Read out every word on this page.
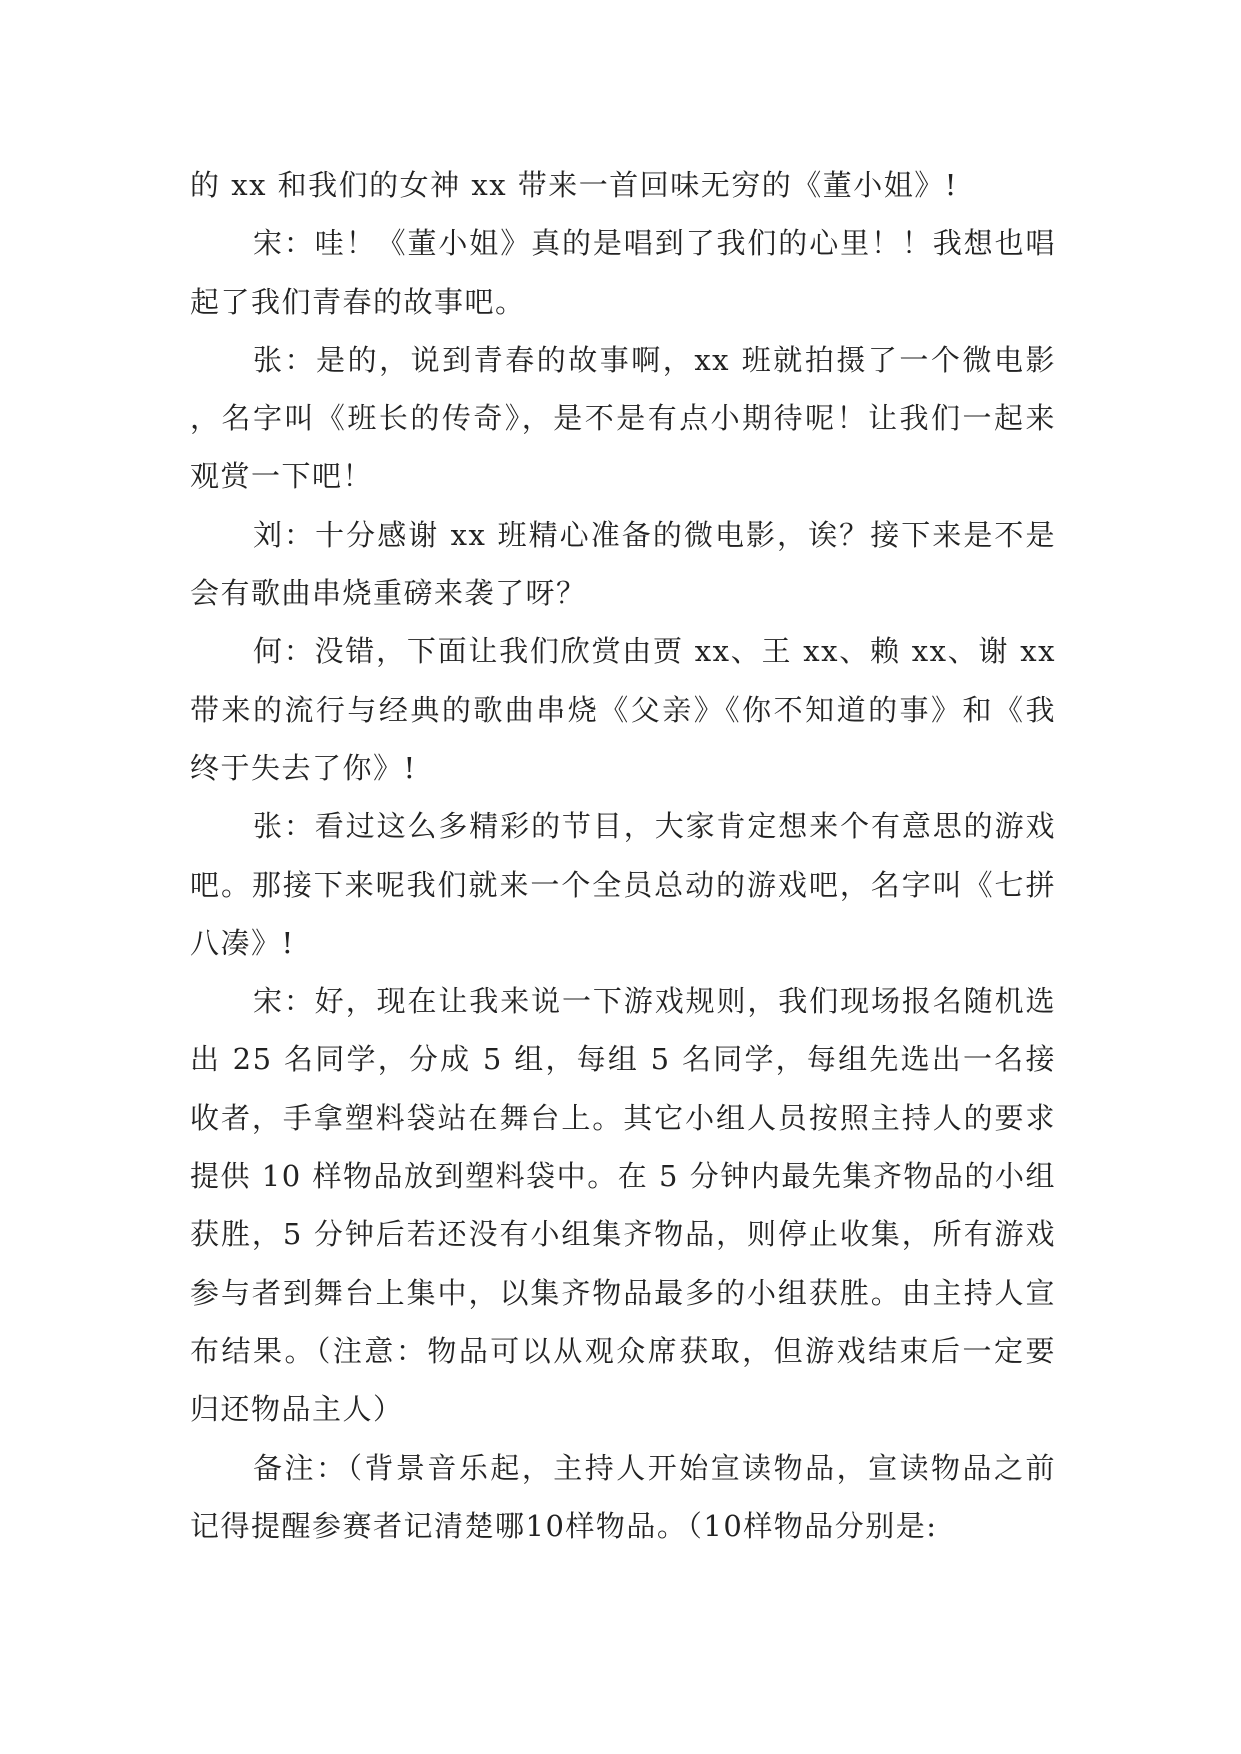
的 xx 和我们的女神 xx 带来一首回味无穷的《董小姐》!

宋：哇！《董小姐》真的是唱到了我们的心里！！我想也唱起了我们青春的故事吧。

张：是的，说到青春的故事啊，xx 班就拍摄了一个微电影，名字叫《班长的传奇》，是不是有点小期待呢！让我们一起来观赏一下吧！

刘：十分感谢 xx 班精心准备的微电影，诶？接下来是不是会有歌曲串烧重磅来袭了呀？

何：没错，下面让我们欣赏由贾 xx、王 xx、赖 xx、谢 xx 带来的流行与经典的歌曲串烧《父亲》《你不知道的事》和《我终于失去了你》!

张：看过这么多精彩的节目，大家肯定想来个有意思的游戏吧。那接下来呢我们就来一个全员总动的游戏吧，名字叫《七拼八凑》!

宋：好，现在让我来说一下游戏规则，我们现场报名随机选出 25 名同学，分成 5 组，每组 5 名同学，每组先选出一名接收者，手拿塑料袋站在舞台上。其它小组人员按照主持人的要求提供 10 样物品放到塑料袋中。在 5 分钟内最先集齐物品的小组获胜，5 分钟后若还没有小组集齐物品，则停止收集，所有游戏参与者到舞台上集中，以集齐物品最多的小组获胜。由主持人宣布结果。（注意：物品可以从观众席获取，但游戏结束后一定要归还物品主人）

备注：（背景音乐起，主持人开始宣读物品，宣读物品之前记得提醒参赛者记清楚哪10样物品。（10样物品分别是:
